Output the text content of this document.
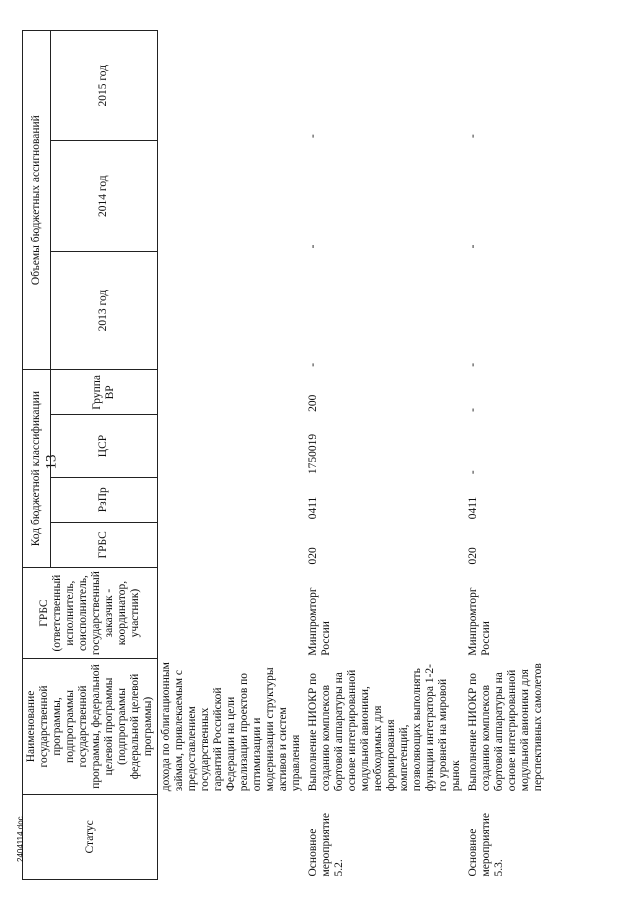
13
Статус	Наименование государственной программы, подпрограммы государственной программы, федеральной целевой программы (подпрограммы федеральной целевой программы)	ГРБС (ответственный исполнитель, соисполнитель, государственный заказчик - координатор, участник)	Код бюджетной классификации				Объемы бюджетных ассигнований		
			ГРБС	РзПр	ЦСР	Группа ВР	2013 год	2014 год	2015 год
	дохода по облигационным займам, привлекаемым с предоставлением государственных гарантий Российской Федерации на цели реализации проектов по оптимизации и модернизации структуры активов и систем управления								
Основное мероприятие 5.2.	Выполнение НИОКР по созданию комплексов бортовой аппаратуры на основе интегрированной модульной авионики, необходимых для формирования компетенций, позволяющих выполнять функции интегратора 1-2-го уровней на мировой рынок	Минпромторг России	020	0411	1750019	200	-	-	-
Основное мероприятие 5.3.	Выполнение НИОКР по созданию комплексов бортовой аппаратуры на основе интегрированной модульной авионики для перспективных самолетов	Минпромторг России	020	0411	-	-	-	-	-
2404114.doc
